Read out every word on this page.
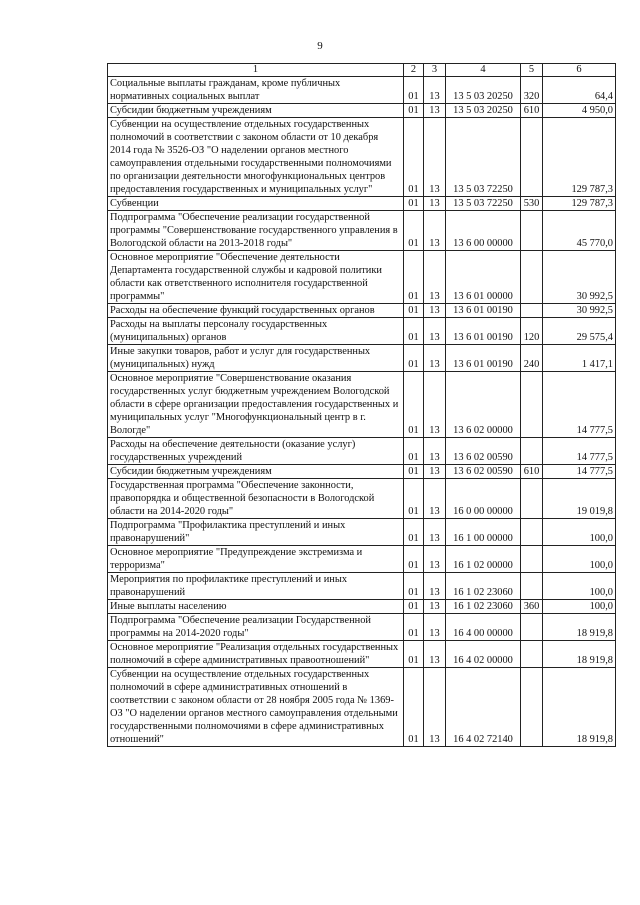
9
1	2	3	4	5	6
Социальные выплаты гражданам, кроме публичных нормативных социальных выплат	01	13	13 5 03 20250	320	64,4
Субсидии бюджетным учреждениям	01	13	13 5 03 20250	610	4 950,0
Субвенции на осуществление отдельных государственных полномочий в соответствии с законом области от 10 декабря 2014 года № 3526-ОЗ "О наделении органов местного самоуправления отдельными государственными полномочиями по организации деятельности многофункциональных центров предоставления государственных и муниципальных услуг"	01	13	13 5 03 72250		129 787,3
Субвенции	01	13	13 5 03 72250	530	129 787,3
Подпрограмма "Обеспечение реализации государственной программы "Совершенствование государственного управления в Вологодской области на 2013-2018 годы"	01	13	13 6 00 00000		45 770,0
Основное мероприятие "Обеспечение деятельности Департамента государственной службы и кадровой политики области как ответственного исполнителя государственной программы"	01	13	13 6 01 00000		30 992,5
Расходы на обеспечение функций государственных органов	01	13	13 6 01 00190		30 992,5
Расходы на выплаты персоналу государственных (муниципальных) органов	01	13	13 6 01 00190	120	29 575,4
Иные закупки товаров, работ и услуг для государственных (муниципальных) нужд	01	13	13 6 01 00190	240	1 417,1
Основное мероприятие "Совершенствование оказания государственных услуг бюджетным учреждением Вологодской области в сфере организации предоставления государственных и муниципальных услуг "Многофункциональный центр в г. Вологде"	01	13	13 6 02 00000		14 777,5
Расходы на обеспечение деятельности (оказание услуг) государственных учреждений	01	13	13 6 02 00590		14 777,5
Субсидии бюджетным учреждениям	01	13	13 6 02 00590	610	14 777,5
Государственная программа "Обеспечение законности, правопорядка и общественной безопасности в Вологодской области на 2014-2020 годы"	01	13	16 0 00 00000		19 019,8
Подпрограмма "Профилактика преступлений и иных правонарушений"	01	13	16 1 00 00000		100,0
Основное мероприятие "Предупреждение экстремизма и терроризма"	01	13	16 1 02 00000		100,0
Мероприятия по профилактике преступлений и иных правонарушений	01	13	16 1 02 23060		100,0
Иные выплаты населению	01	13	16 1 02 23060	360	100,0
Подпрограмма "Обеспечение реализации Государственной программы на 2014-2020 годы"	01	13	16 4 00 00000		18 919,8
Основное мероприятие "Реализация отдельных государственных полномочий в сфере административных правоотношений"	01	13	16 4 02 00000		18 919,8
Субвенции на осуществление отдельных государственных полномочий в сфере административных отношений в соответствии с законом области от 28 ноября 2005 года № 1369-ОЗ "О наделении органов местного самоуправления отдельными государственными полномочиями в сфере административных отношений"	01	13	16 4 02 72140		18 919,8
